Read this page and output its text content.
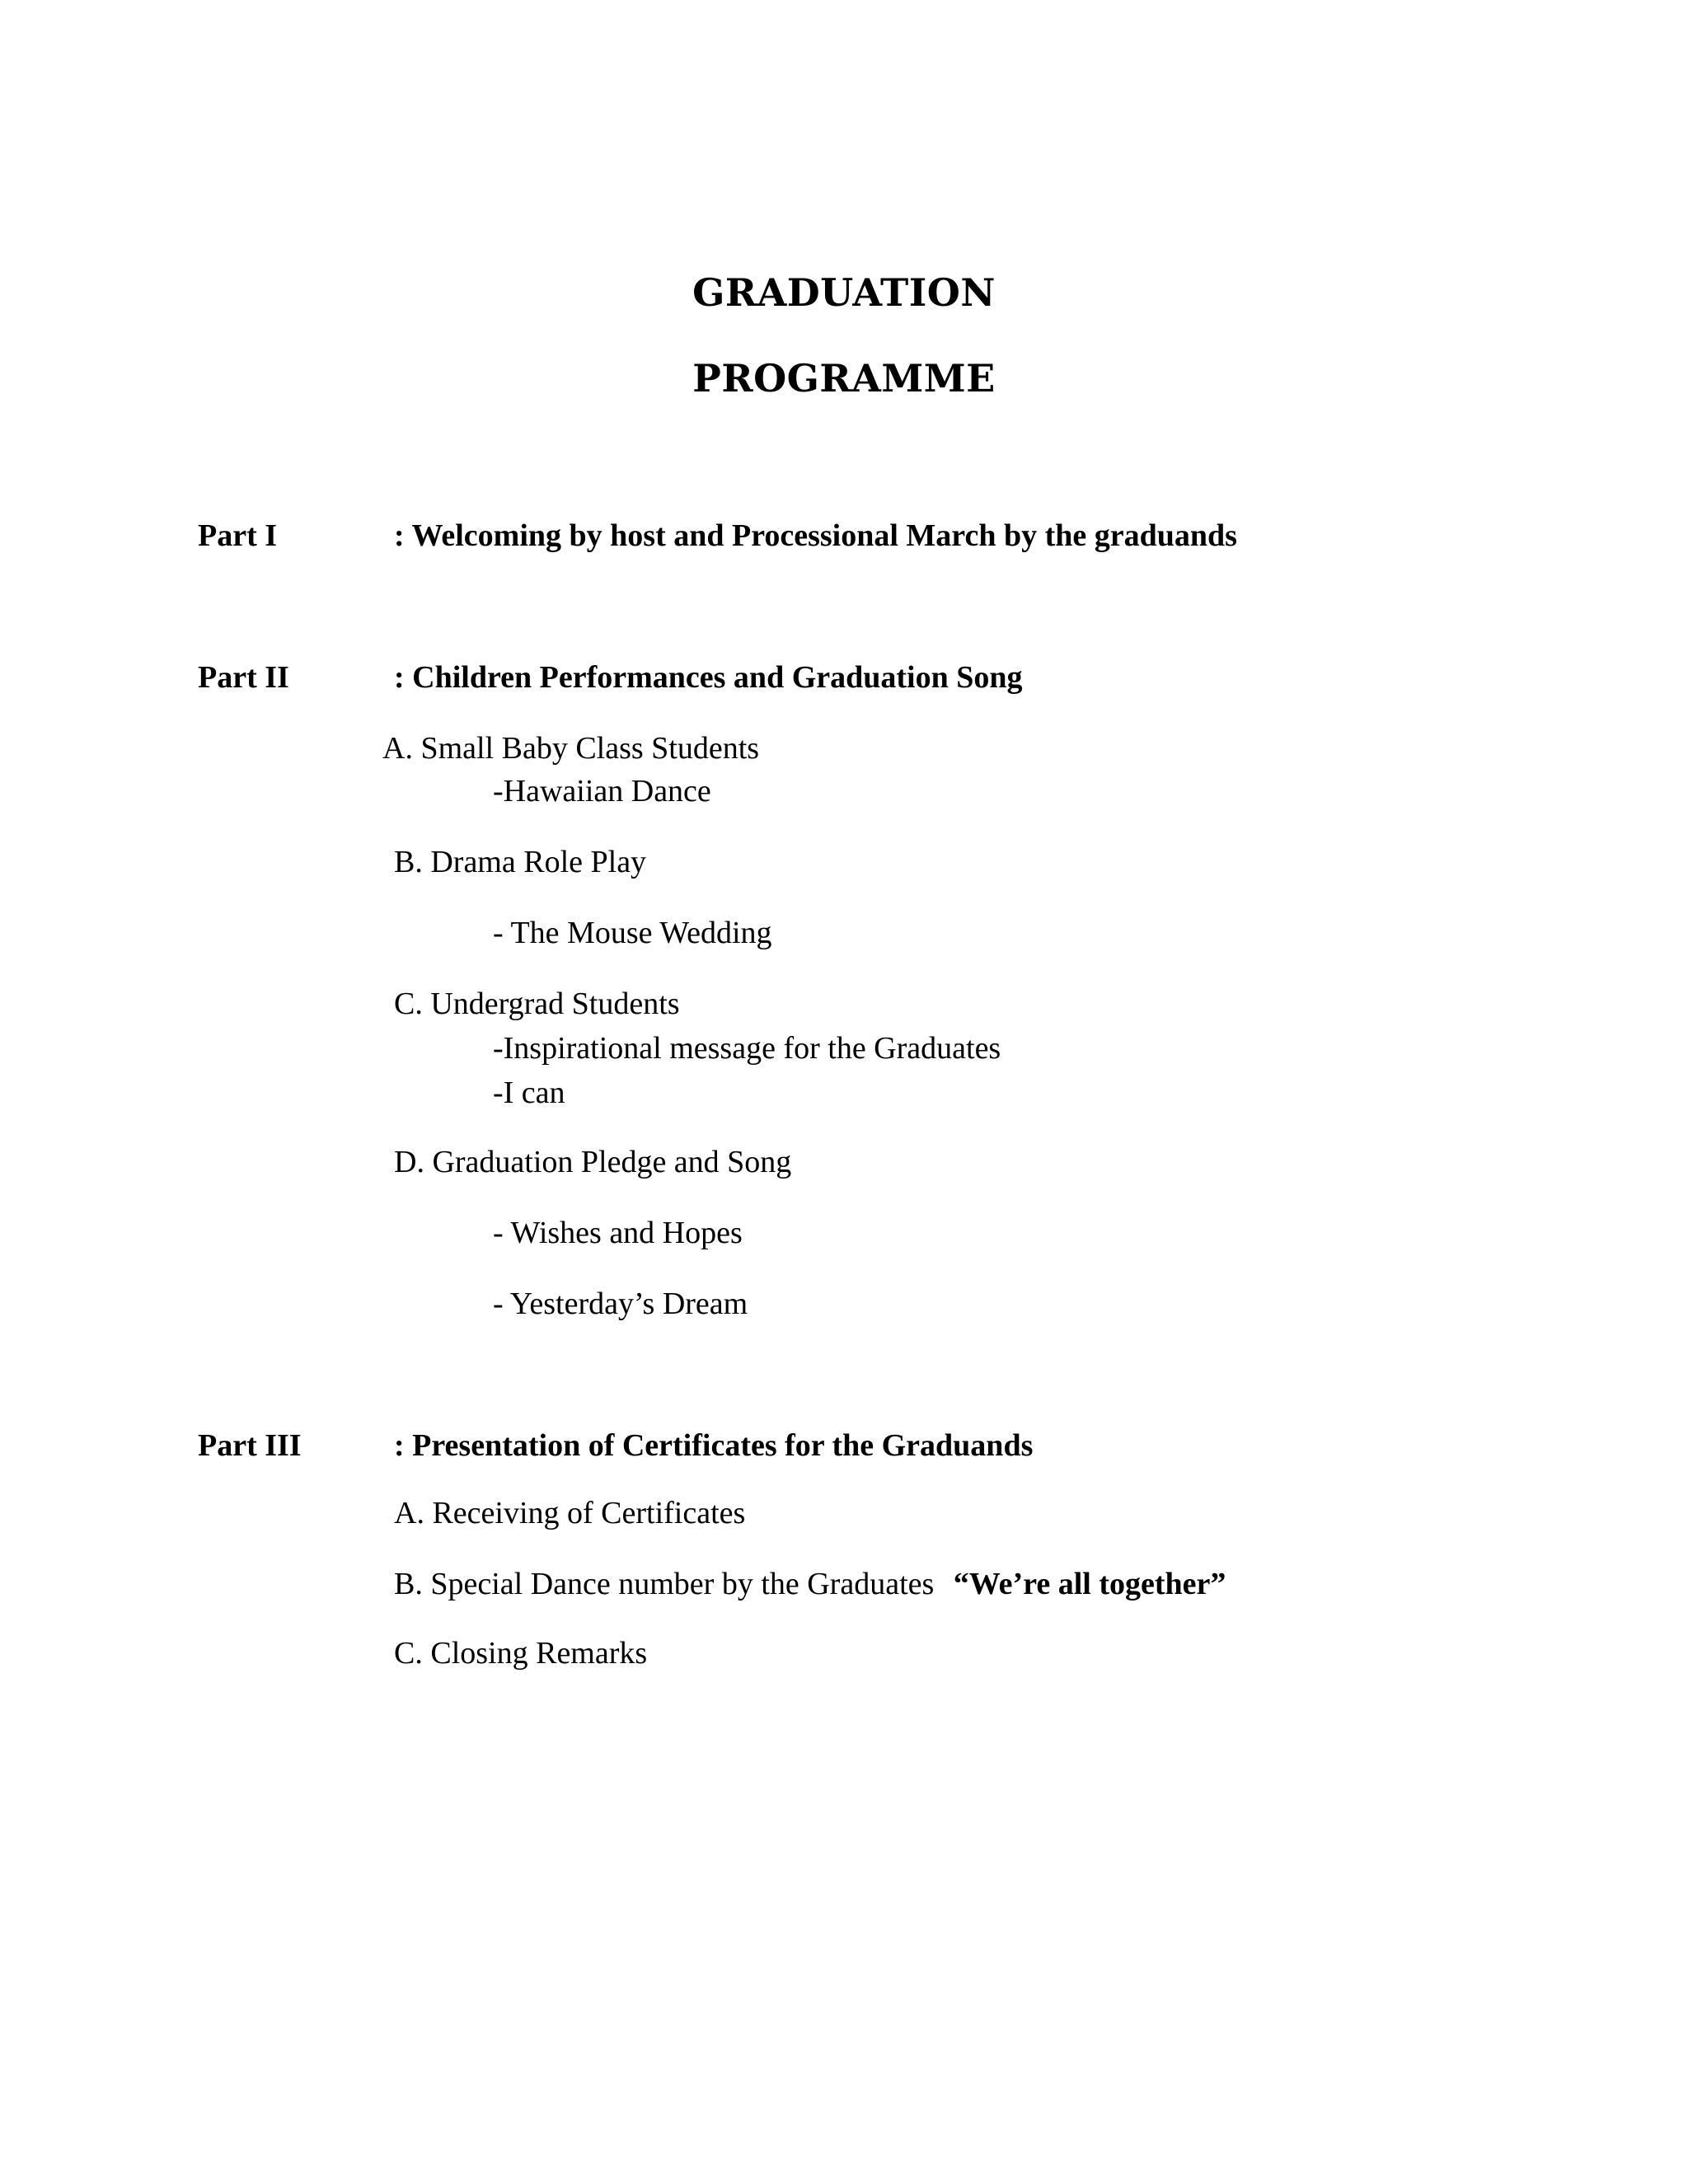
GRADUATION
PROGRAMME
Part I	: Welcoming by host and Processional March by the graduands
Part II	: Children Performances and Graduation Song
A. Small Baby Class Students
-Hawaiian Dance
B. Drama Role Play
- The Mouse Wedding
C. Undergrad Students
-Inspirational message for the Graduates
-I can
D. Graduation Pledge and Song
- Wishes and Hopes
- Yesterday’s Dream
Part III	: Presentation of Certificates for the Graduands
A. Receiving of Certificates
B. Special Dance number by the Graduates “We’re all together”
C. Closing Remarks
